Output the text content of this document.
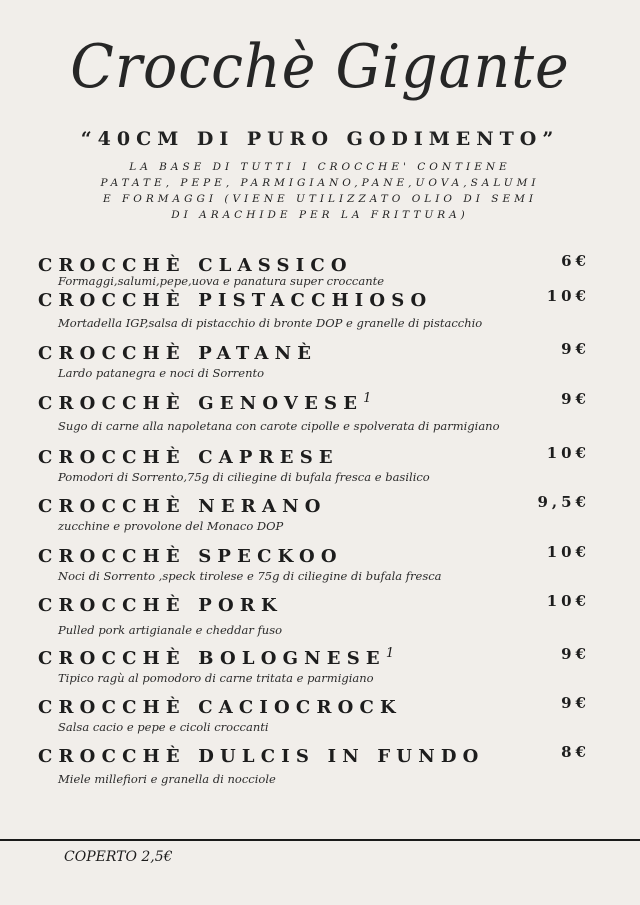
Crocchè Gigante
“40CM DI PURO GODIMENTO”
LA BASE DI TUTTI I CROCCHE' CONTIENE PATATE, PEPE, PARMIGIANO,PANE,UOVA,SALUMI E FORMAGGI (VIENE UTILIZZATO OLIO DI SEMI DI ARACHIDE PER LA FRITTURA)
CROCCHÈ CLASSICO	6€
Formaggi,salumi,pepe,uova e panatura super croccante
CROCCHÈ PISTACCHIOSO	10€
Mortadella IGP,salsa di pistacchio di bronte DOP e granelle di pistacchio
CROCCHÈ PATANÈ	9€
Lardo patanegra e noci di Sorrento
CROCCHÈ GENOVESE$^1$	9€
Sugo di carne alla napoletana con carote cipolle e spolverata di parmigiano
CROCCHÈ CAPRESE	10€
Pomodori di Sorrento,75g di ciliegine di bufala fresca e basilico
CROCCHÈ NERANO	9,5€
zucchine e provolone del Monaco DOP
CROCCHÈ SPECKOO	10€
Noci di Sorrento ,speck tirolese e 75g di ciliegine di bufala fresca
CROCCHÈ PORK	10€
Pulled pork artigianale e cheddar fuso
CROCCHÈ BOLOGNESE$^1$	9€
Tipico ragù al pomodoro di carne tritata e parmigiano
CROCCHÈ CACIOCROCK	9€
Salsa cacio e pepe e cicoli croccanti
CROCCHÈ DULCIS IN FUNDO	8€
Miele millefiori e granella di nocciole
COPERTO 2,5€
